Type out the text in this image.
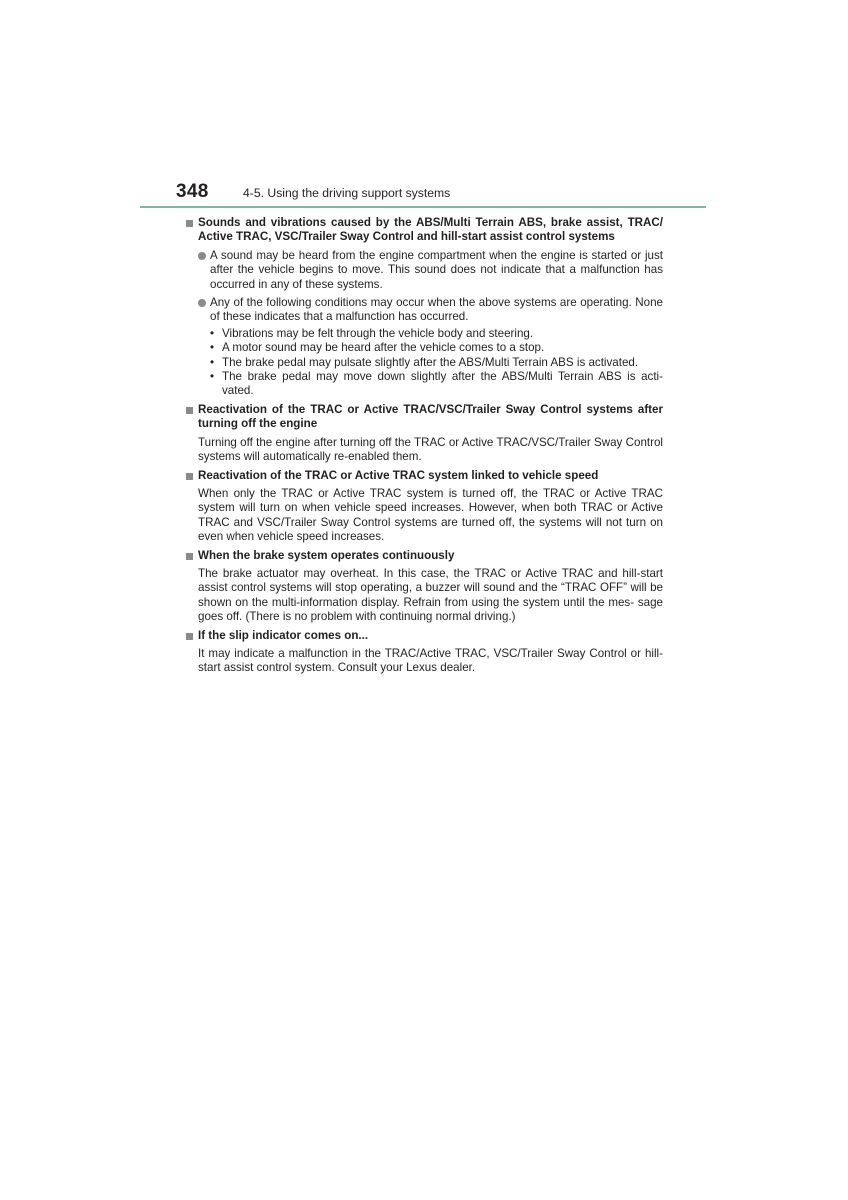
348	4-5. Using the driving support systems
Sounds and vibrations caused by the ABS/Multi Terrain ABS, brake assist, TRAC/ Active TRAC, VSC/Trailer Sway Control and hill-start assist control systems
A sound may be heard from the engine compartment when the engine is started or just after the vehicle begins to move. This sound does not indicate that a malfunction has occurred in any of these systems.
Any of the following conditions may occur when the above systems are operating. None of these indicates that a malfunction has occurred.
• Vibrations may be felt through the vehicle body and steering.
• A motor sound may be heard after the vehicle comes to a stop.
• The brake pedal may pulsate slightly after the ABS/Multi Terrain ABS is activated.
• The brake pedal may move down slightly after the ABS/Multi Terrain ABS is acti- vated.
Reactivation of the TRAC or Active TRAC/VSC/Trailer Sway Control systems after turning off the engine
Turning off the engine after turning off the TRAC or Active TRAC/VSC/Trailer Sway Control systems will automatically re-enabled them.
Reactivation of the TRAC or Active TRAC system linked to vehicle speed
When only the TRAC or Active TRAC system is turned off, the TRAC or Active TRAC system will turn on when vehicle speed increases. However, when both TRAC or Active TRAC and VSC/Trailer Sway Control systems are turned off, the systems will not turn on even when vehicle speed increases.
When the brake system operates continuously
The brake actuator may overheat. In this case, the TRAC or Active TRAC and hill-start assist control systems will stop operating, a buzzer will sound and the “TRAC OFF” will be shown on the multi-information display. Refrain from using the system until the mes- sage goes off. (There is no problem with continuing normal driving.)
If the slip indicator comes on...
It may indicate a malfunction in the TRAC/Active TRAC, VSC/Trailer Sway Control or hill-start assist control system. Consult your Lexus dealer.
